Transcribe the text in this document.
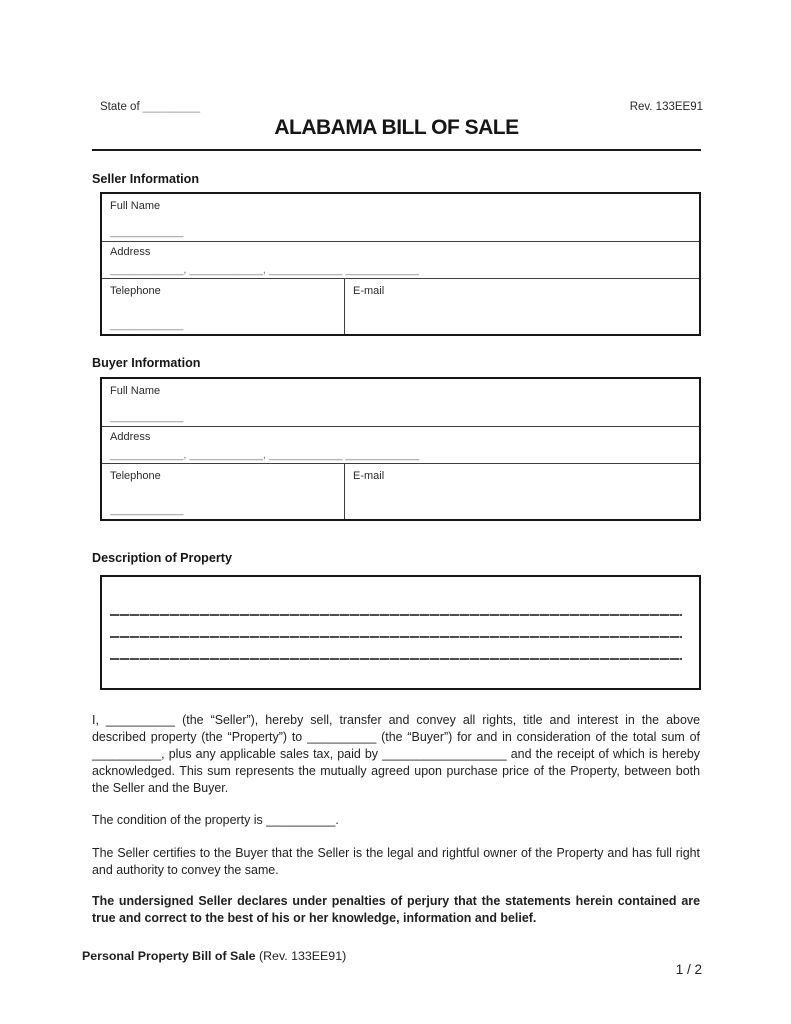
State of _________	Rev. 133EE91
ALABAMA BILL OF SALE
Seller Information
Full Name
____________
Address
____________, ____________, ____________ ____________
Telephone
____________
E-mail
Buyer Information
Full Name
____________
Address
____________, ____________, ____________ ____________
Telephone
____________
E-mail
Description of Property
I, __________ (the “Seller”), hereby sell, transfer and convey all rights, title and interest in the above described property (the “Property”) to __________ (the “Buyer”) for and in consideration of the total sum of __________, plus any applicable sales tax, paid by __________________ and the receipt of which is hereby acknowledged. This sum represents the mutually agreed upon purchase price of the Property, between both the Seller and the Buyer.
The condition of the property is __________.
The Seller certifies to the Buyer that the Seller is the legal and rightful owner of the Property and has full right and authority to convey the same.
The undersigned Seller declares under penalties of perjury that the statements herein contained are true and correct to the best of his or her knowledge, information and belief.
Personal Property Bill of Sale (Rev. 133EE91)
1 / 2
